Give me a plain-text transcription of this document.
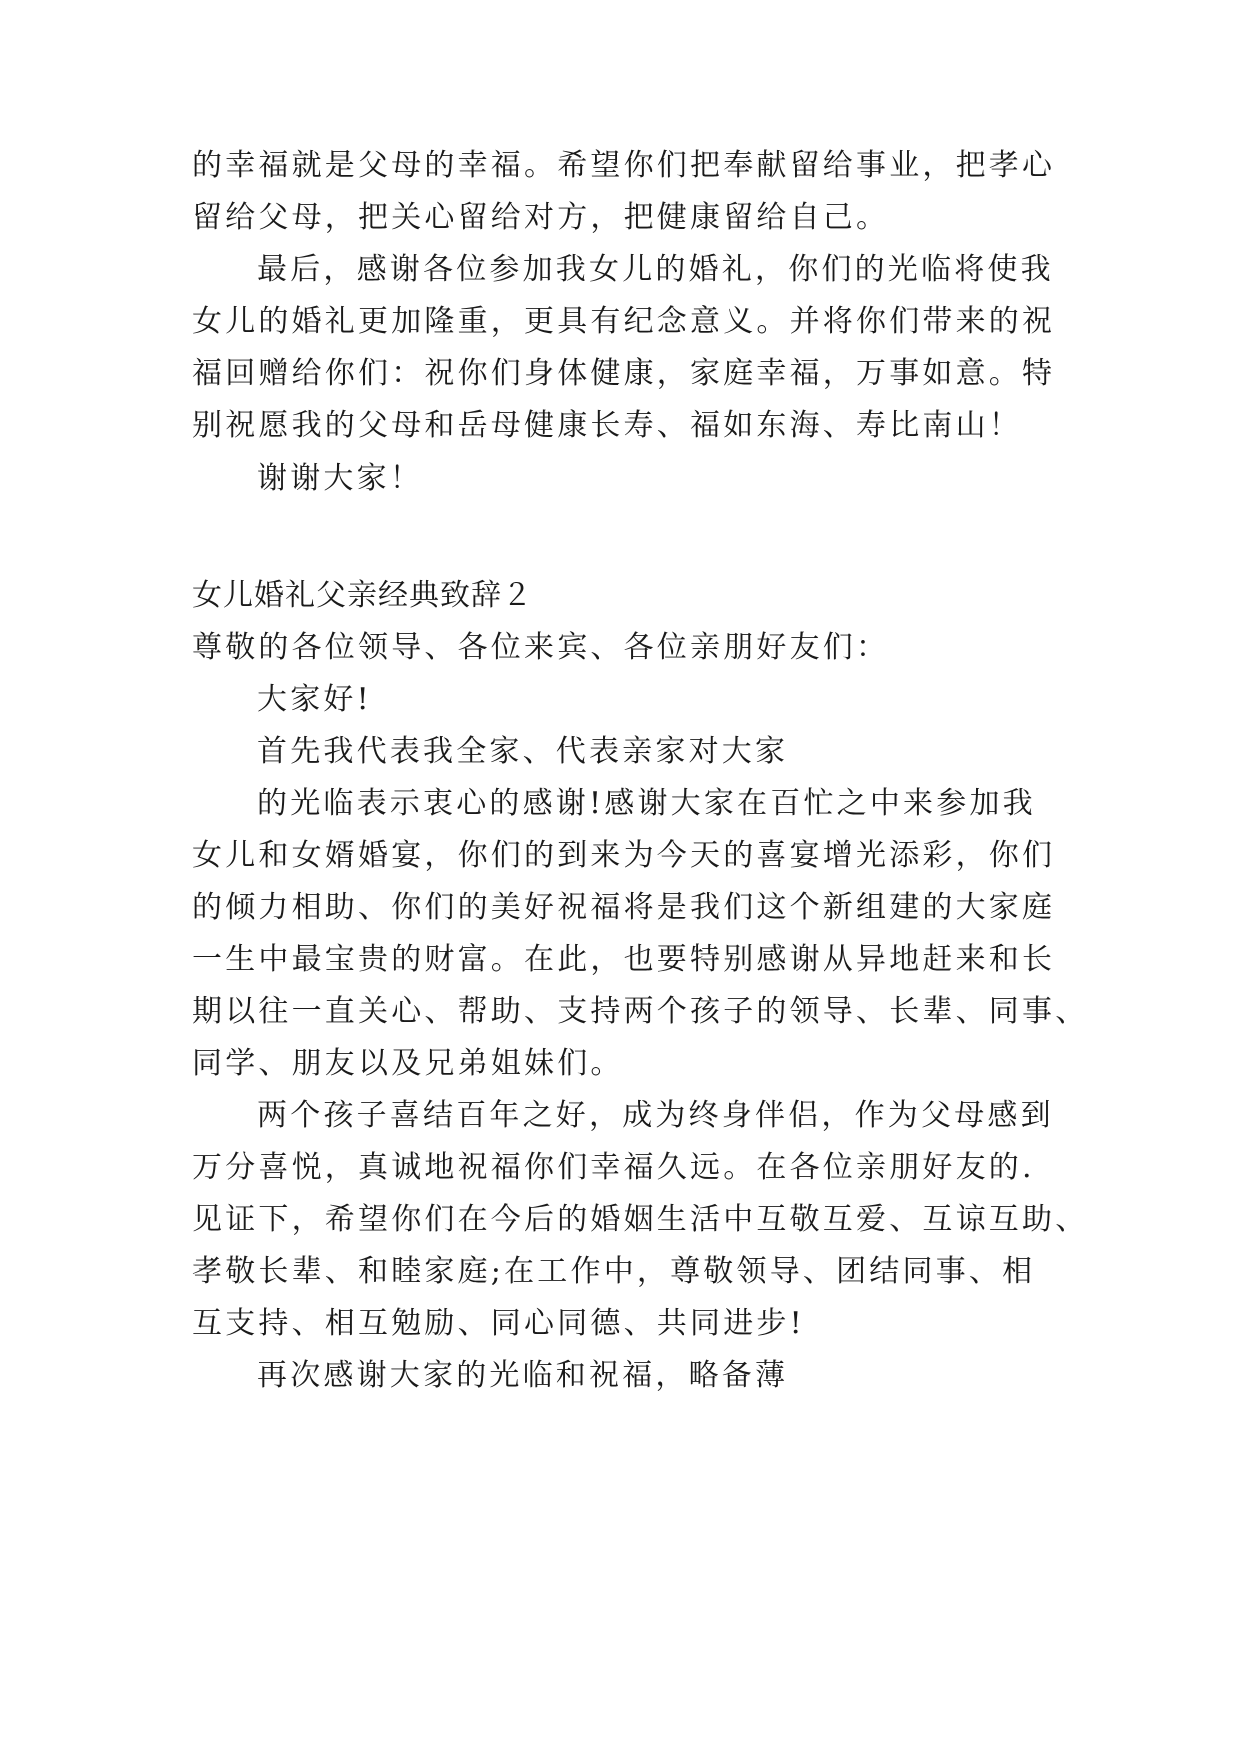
的幸福就是父母的幸福。希望你们把奉献留给事业，把孝心
留给父母，把关心留给对方，把健康留给自己。
最后，感谢各位参加我女儿的婚礼，你们的光临将使我
女儿的婚礼更加隆重，更具有纪念意义。并将你们带来的祝
福回赠给你们：祝你们身体健康，家庭幸福，万事如意。特
别祝愿我的父母和岳母健康长寿、福如东海、寿比南山！
谢谢大家！
女儿婚礼父亲经典致辞２
尊敬的各位领导、各位来宾、各位亲朋好友们：
大家好!
首先我代表我全家、代表亲家对大家
的光临表示衷心的感谢!感谢大家在百忙之中来参加我
女儿和女婿婚宴，你们的到来为今天的喜宴增光添彩，你们
的倾力相助、你们的美好祝福将是我们这个新组建的大家庭
一生中最宝贵的财富。在此，也要特别感谢从异地赶来和长
期以往一直关心、帮助、支持两个孩子的领导、长辈、同事、
同学、朋友以及兄弟姐妹们。
两个孩子喜结百年之好，成为终身伴侣，作为父母感到
万分喜悦，真诚地祝福你们幸福久远。在各位亲朋好友的.
见证下，希望你们在今后的婚姻生活中互敬互爱、互谅互助、
孝敬长辈、和睦家庭;在工作中，尊敬领导、团结同事、相
互支持、相互勉励、同心同德、共同进步!
再次感谢大家的光临和祝福，略备薄
